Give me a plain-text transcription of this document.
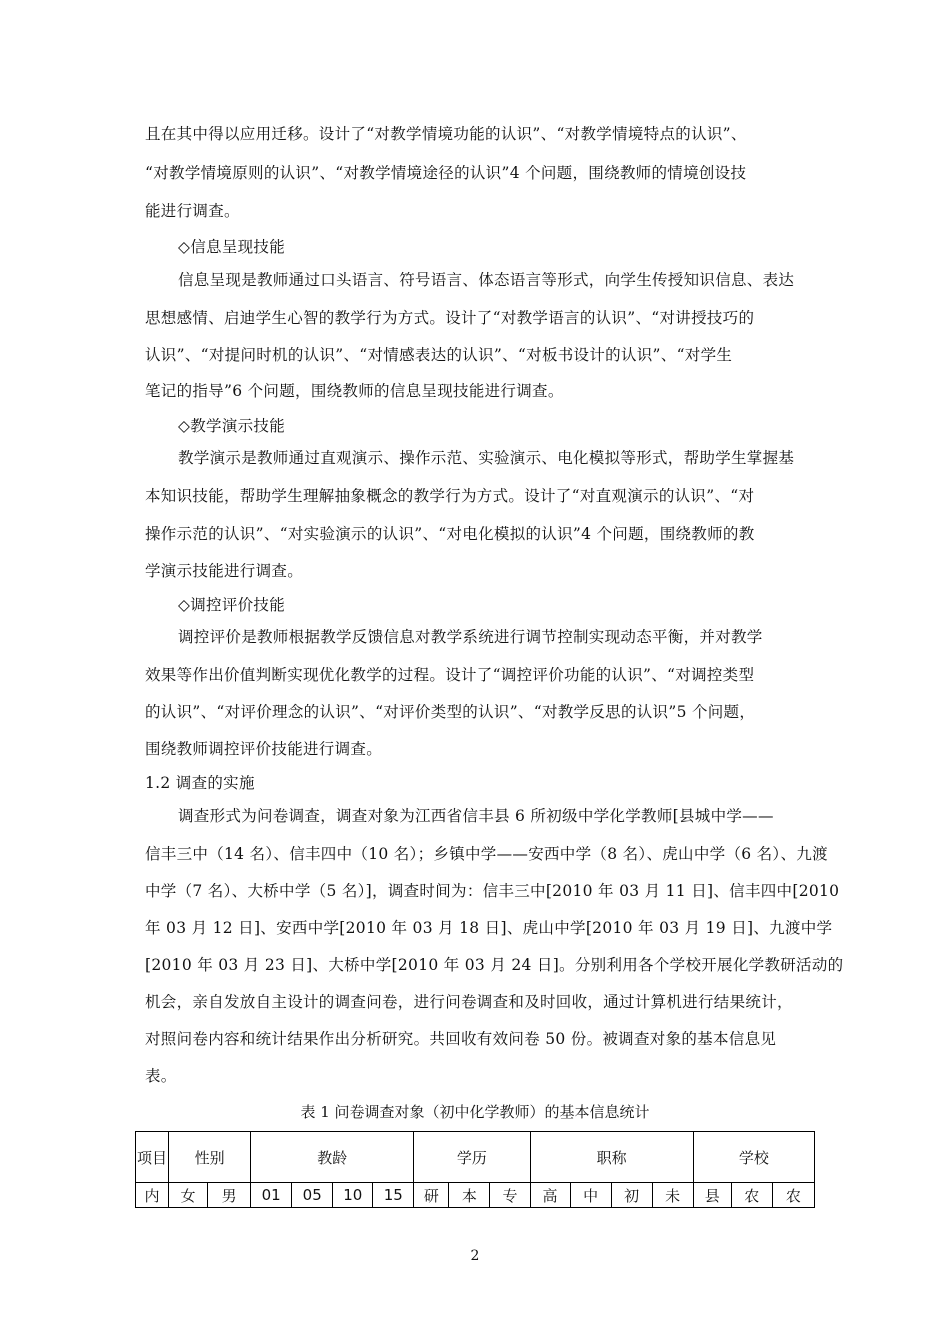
且在其中得以应用迁移。设计了“对教学情境功能的认识”、“对教学情境特点的认识”、
“对教学情境原则的认识”、“对教学情境途径的认识”4 个问题，围绕教师的情境创设技
能进行调查。
◇信息呈现技能
信息呈现是教师通过口头语言、符号语言、体态语言等形式，向学生传授知识信息、表达
思想感情、启迪学生心智的教学行为方式。设计了“对教学语言的认识”、“对讲授技巧的
认识”、“对提问时机的认识”、“对情感表达的认识”、“对板书设计的认识”、“对学生
笔记的指导”6 个问题，围绕教师的信息呈现技能进行调查。
◇教学演示技能
教学演示是教师通过直观演示、操作示范、实验演示、电化模拟等形式，帮助学生掌握基
本知识技能，帮助学生理解抽象概念的教学行为方式。设计了“对直观演示的认识”、“对
操作示范的认识”、“对实验演示的认识”、“对电化模拟的认识”4 个问题，围绕教师的教
学演示技能进行调查。
◇调控评价技能
调控评价是教师根据教学反馈信息对教学系统进行调节控制实现动态平衡，并对教学
效果等作出价值判断实现优化教学的过程。设计了“调控评价功能的认识”、“对调控类型
的认识”、“对评价理念的认识”、“对评价类型的认识”、“对教学反思的认识”5 个问题，
围绕教师调控评价技能进行调查。
1.2 调查的实施
调查形式为问卷调查，调查对象为江西省信丰县 6 所初级中学化学教师[县城中学——
信丰三中（14 名）、信丰四中（10 名）；乡镇中学——安西中学（8 名）、虎山中学（6 名）、九渡
中学（7 名）、大桥中学（5 名）]，调查时间为：信丰三中[2010 年 03 月 11 日]、信丰四中[2010
年 03 月 12 日]、安西中学[2010 年 03 月 18 日]、虎山中学[2010 年 03 月 19 日]、九渡中学
[2010 年 03 月 23 日]、大桥中学[2010 年 03 月 24 日]。分别利用各个学校开展化学教研活动的
机会，亲自发放自主设计的调查问卷，进行问卷调查和及时回收，通过计算机进行结果统计，
对照问卷内容和统计结果作出分析研究。共回收有效问卷 50 份。被调查对象的基本信息见
表。
表 1 问卷调查对象（初中化学教师）的基本信息统计
项目	性别		教龄				学历			职称				学校		
内	女	男	01	05	10	15	研	本	专	高	中	初	未	县	农	农
2
